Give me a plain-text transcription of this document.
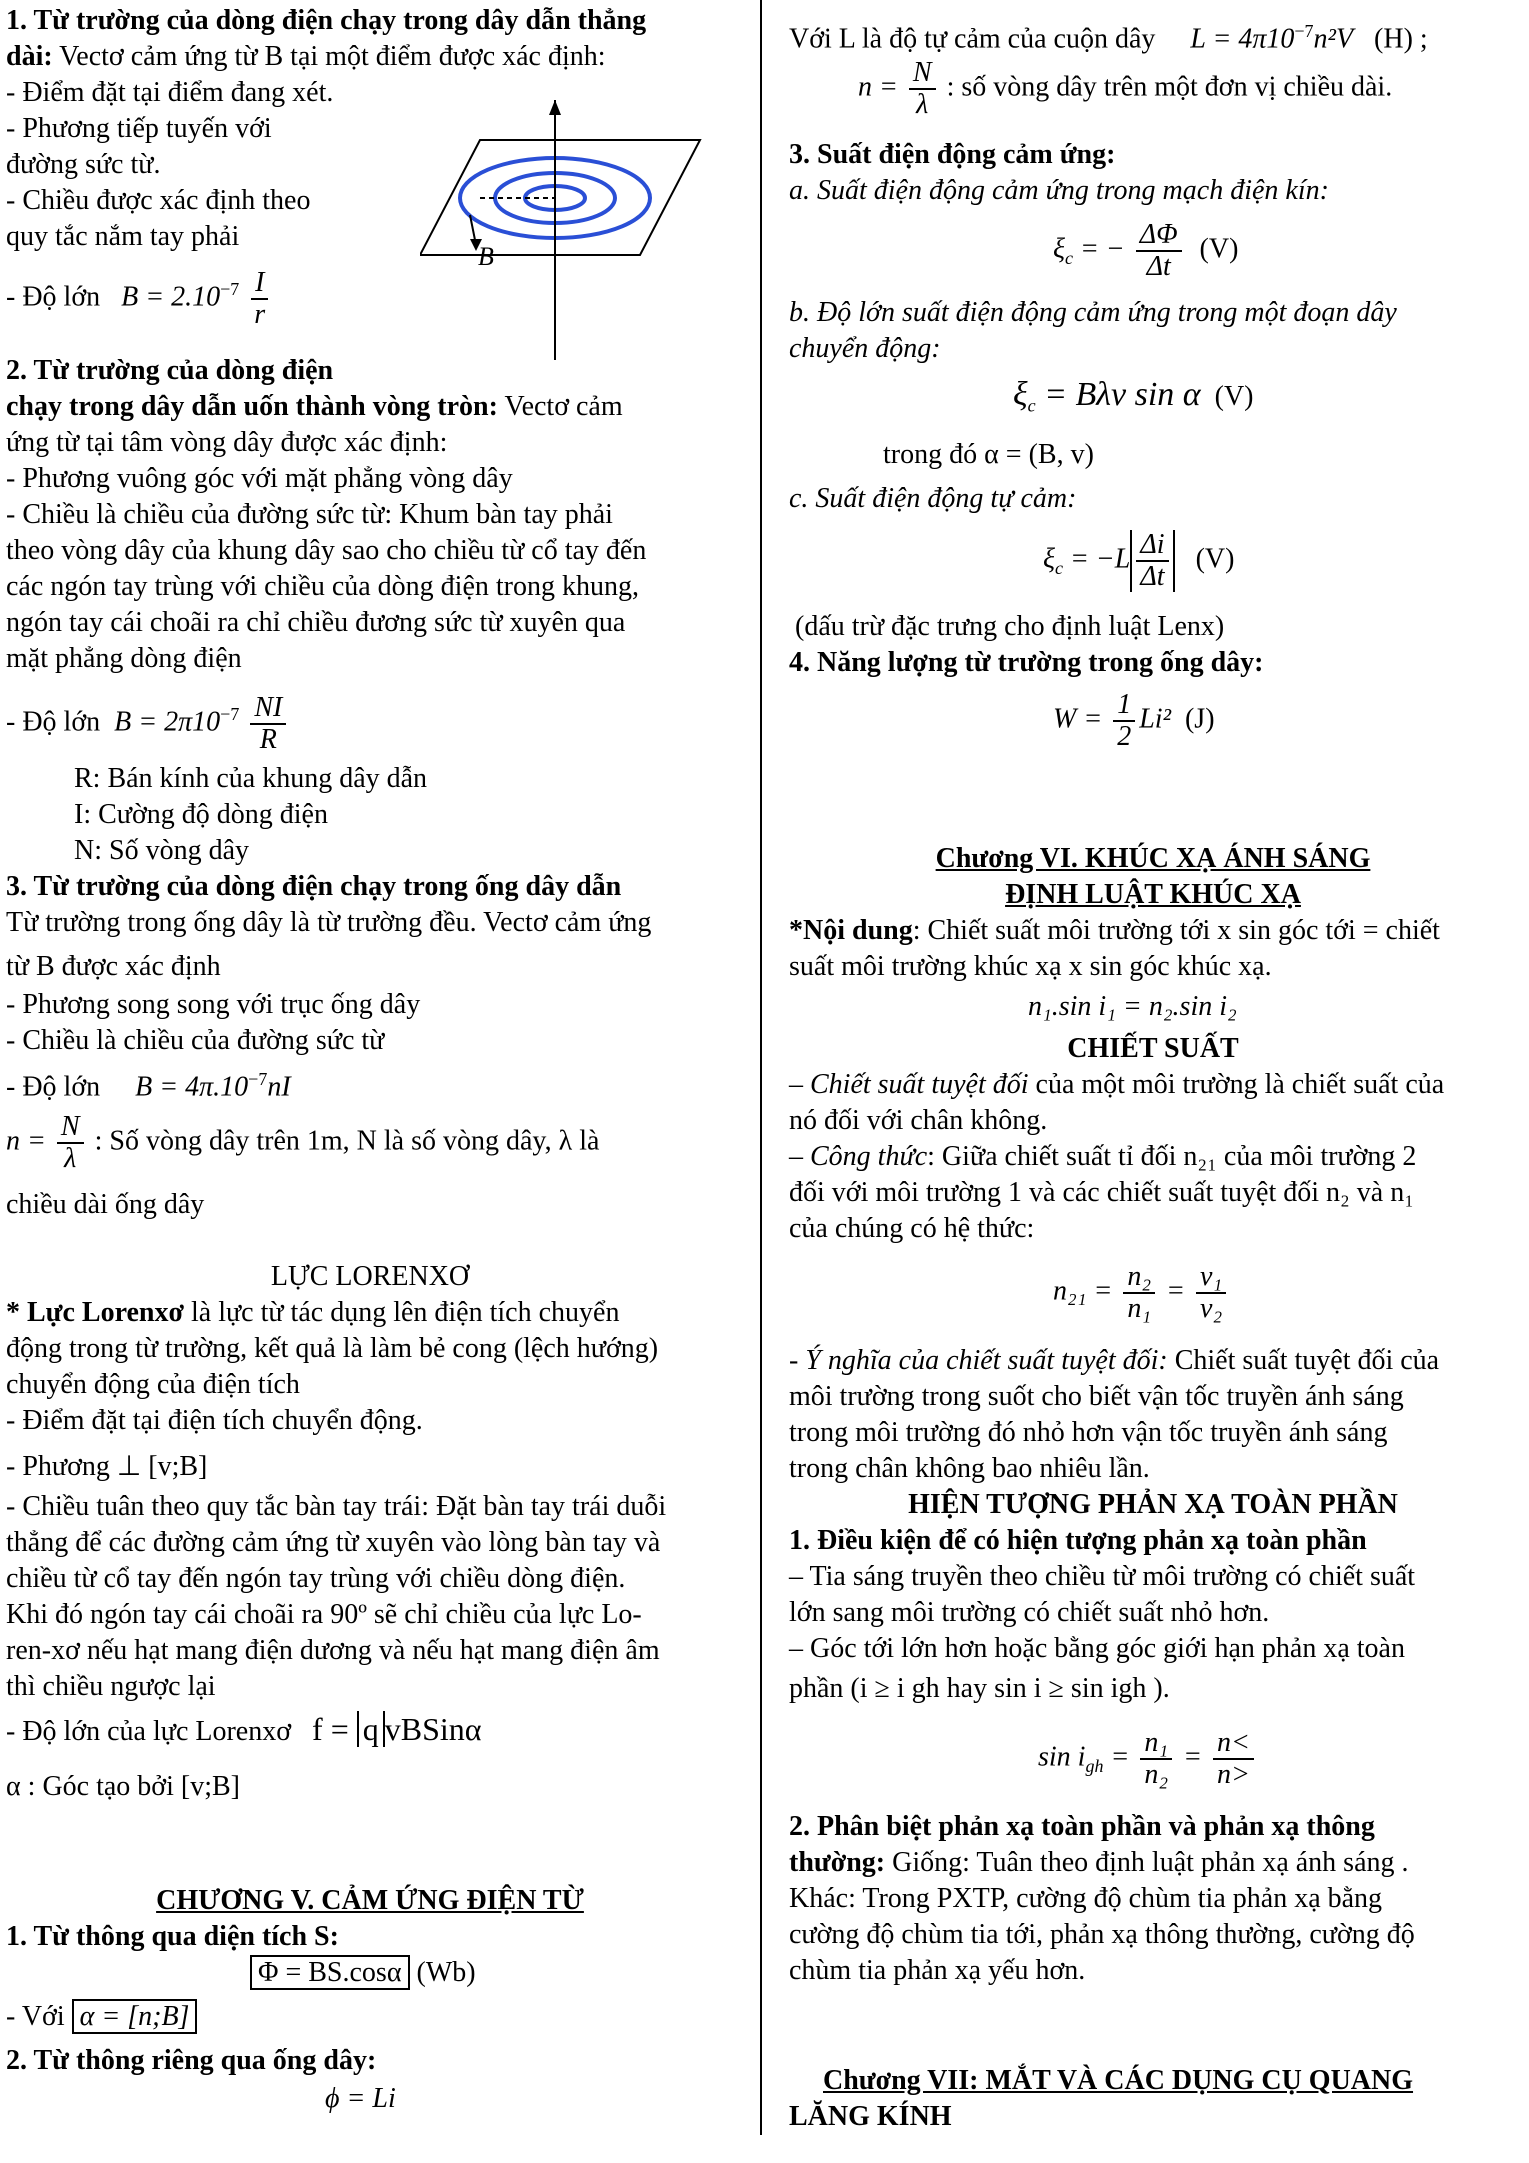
1. Từ trường của dòng điện chạy trong dây dẫn thẳng
dài: Vectơ cảm ứng từ B tại một điểm được xác định:
- Điểm đặt tại điểm đang xét.
- Phương tiếp tuyến với
đường sức từ.
- Chiều được xác định theo
quy tắc nắm tay phải
- Độ lớn $B = 2.10^{-7} \frac{I}{r}$
B
2. Từ trường của dòng điện
chạy trong dây dẫn uốn thành vòng tròn: Vectơ cảm
ứng từ tại tâm vòng dây được xác định:
- Phương vuông góc với mặt phẳng vòng dây
- Chiều là chiều của đường sức từ: Khum bàn tay phải
theo vòng dây của khung dây sao cho chiều từ cổ tay đến
các ngón tay trùng với chiều của dòng điện trong khung,
ngón tay cái choãi ra chỉ chiều đương sức từ xuyên qua
mặt phẳng dòng điện
- Độ lớn $B = 2\pi 10^{-7} \frac{NI}{R}$
R: Bán kính của khung dây dẫn
I: Cường độ dòng điện
N: Số vòng dây
3. Từ trường của dòng điện chạy trong ống dây dẫn
Từ trường trong ống dây là từ trường đều. Vectơ cảm ứng
từ B được xác định
- Phương song song với trục ống dây
- Chiều là chiều của đường sức từ
- Độ lớn $B = 4\pi.10^{-7}nI$
$n = \frac{N}{\lambda}$ : Số vòng dây trên 1m, N là số vòng dây, λ là
chiều dài ống dây
LỰC LORENXƠ
* Lực Lorenxơ là lực từ tác dụng lên điện tích chuyển
động trong từ trường, kết quả là làm bẻ cong (lệch hướng)
chuyển động của điện tích
- Điểm đặt tại điện tích chuyển động.
- Phương ⊥ [v;B]
- Chiều tuân theo quy tắc bàn tay trái: Đặt bàn tay trái duỗi
thẳng để các đường cảm ứng từ xuyên vào lòng bàn tay và
chiều từ cổ tay đến ngón tay trùng với chiều dòng điện.
Khi đó ngón tay cái choãi ra 90º sẽ chỉ chiều của lực Lo-
ren-xơ nếu hạt mang điện dương và nếu hạt mang điện âm
thì chiều ngược lại
- Độ lớn của lực Lorenxơ f = q vBSinα
α : Góc tạo bởi [v;B]
CHƯƠNG V. CẢM ỨNG ĐIỆN TỪ
1. Từ thông qua diện tích S:
Φ = BS.cosα (Wb)
- Với α = [n;B]
2. Từ thông riêng qua ống dây:
ϕ = Li
Với L là độ tự cảm của cuộn dây $L = 4\pi 10^{-7}n^2V$ (H) ;
$n = \frac{N}{\lambda}$ : số vòng dây trên một đơn vị chiều dài.
3. Suất điện động cảm ứng:
a. Suất điện động cảm ứng trong mạch điện kín:
$\xi_c$ = − $\frac{\Delta\Phi}{\Delta t} (V)$
b. Độ lớn suất điện động cảm ứng trong một đoạn dây
chuyển động:
$\xi_c = B\lambda v$ sin α (V)
trong đó α = (B, v)
c. Suất điện động tự cảm:
$\xi_c = -L \frac{\Delta i}{\Delta t} (V)$
(dấu trừ đặc trưng cho định luật Lenx)
4. Năng lượng từ trường trong ống dây:
$W = \frac{1}{2} Li^2$ (J)
Chương VI. KHÚC XẠ ÁNH SÁNG
ĐỊNH LUẬT KHÚC XẠ
*Nội dung: Chiết suất môi trường tới x sin góc tới = chiết
suất môi trường khúc xạ x sin góc khúc xạ.
n₁.sin i₁ = n₂.sin i₂
CHIẾT SUẤT
– Chiết suất tuyệt đối của một môi trường là chiết suất của
nó đối với chân không.
– Công thức: Giữa chiết suất tỉ đối n₂₁ của môi trường 2
đối với môi trường 1 và các chiết suất tuyệt đối n₂ và n₁
của chúng có hệ thức:
$n_{21} = \frac{\text{n₂}}{\text{n₁}} = \frac{\text{v₁}}{\text{v₂}}$
- Ý nghĩa của chiết suất tuyệt đối: Chiết suất tuyệt đối của
môi trường trong suốt cho biết vận tốc truyền ánh sáng
trong môi trường đó nhỏ hơn vận tốc truyền ánh sáng
trong chân không bao nhiêu lần.
HIỆN TƯỢNG PHẢN XẠ TOÀN PHẦN
1. Điều kiện để có hiện tượng phản xạ toàn phần
– Tia sáng truyền theo chiều từ môi trường có chiết suất
lớn sang môi trường có chiết suất nhỏ hơn.
– Góc tới lớn hơn hoặc bằng góc giới hạn phản xạ toàn
phần (i ≥ i gh hay sin i ≥ sin igh ).
$\sin i_{gh} = \frac{\text{n₁}}{\text{n₂}} = \frac{n<}{n>}$
2. Phân biệt phản xạ toàn phần và phản xạ thông
thường: Giống: Tuân theo định luật phản xạ ánh sáng .
Khác: Trong PXTP, cường độ chùm tia phản xạ bằng
cường độ chùm tia tới, phản xạ thông thường, cường độ
chùm tia phản xạ yếu hơn.
Chương VII: MẮT VÀ CÁC DỤNG CỤ QUANG
LĂNG KÍNH
